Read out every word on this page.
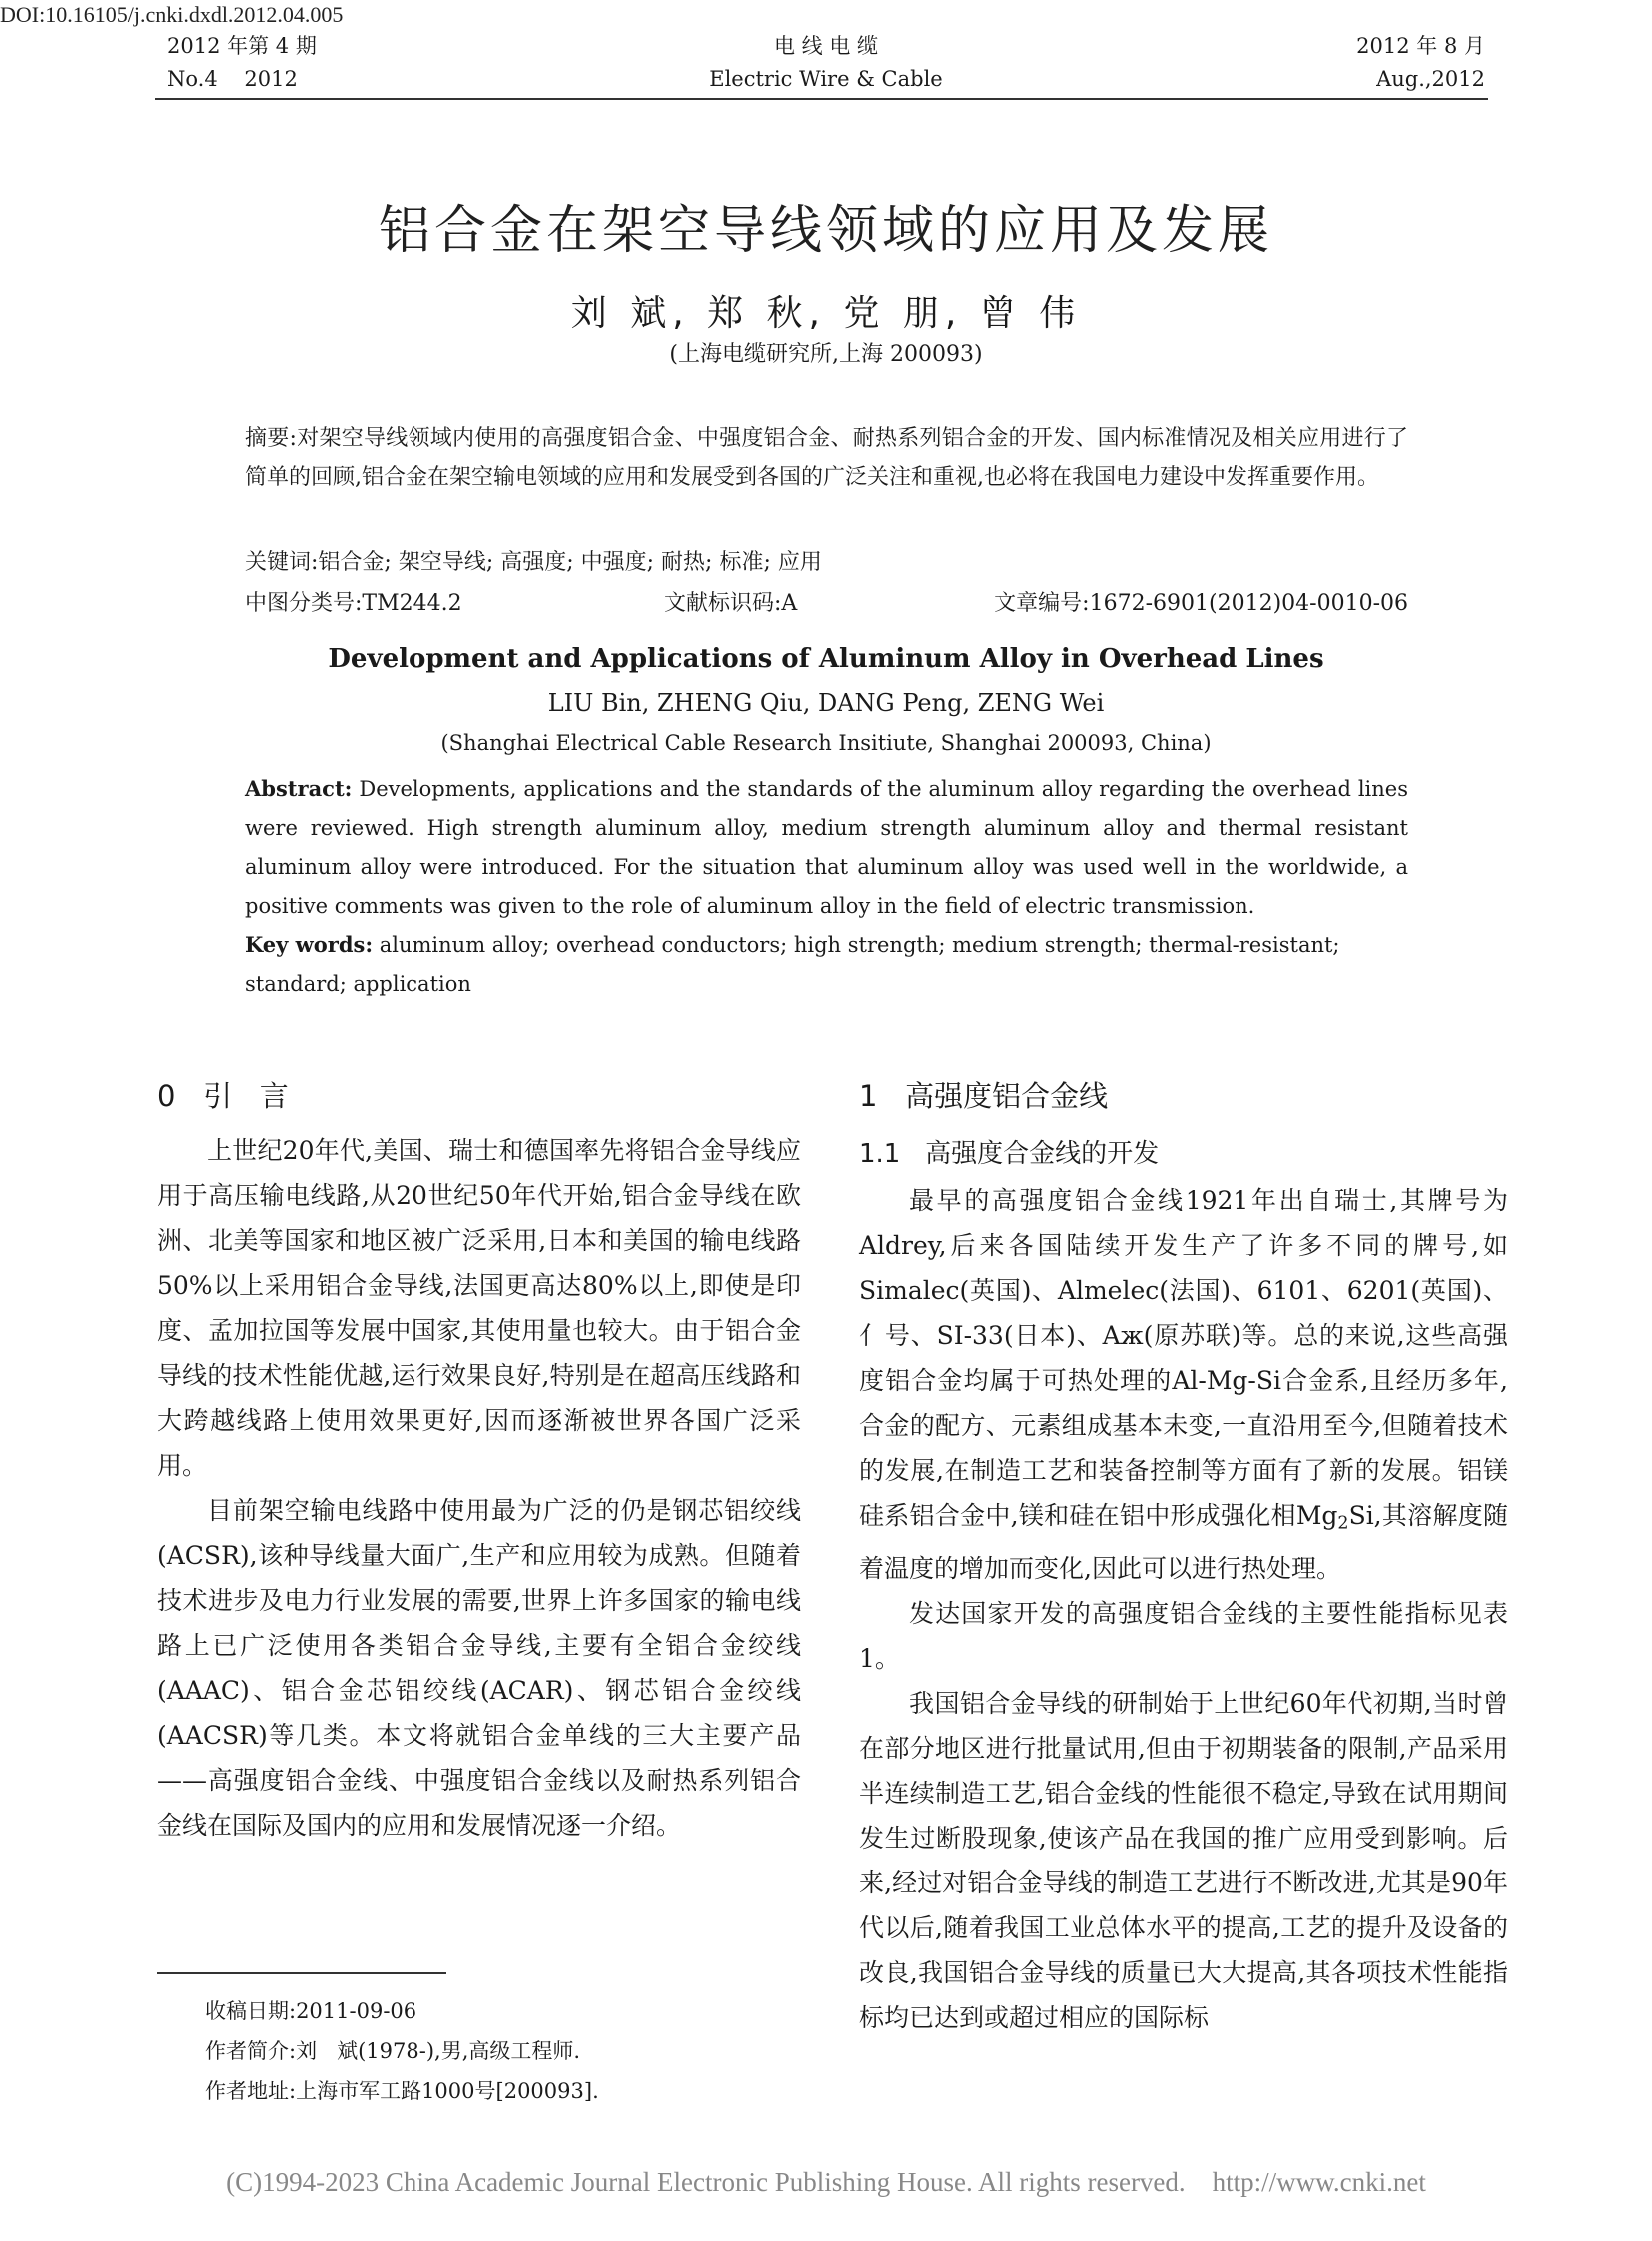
DOI:10.16105/j.cnki.dxdl.2012.04.005
2012 年第 4 期
No.4    2012
电 线 电 缆
Electric Wire & Cable
2012 年 8 月
Aug.,2012
铝合金在架空导线领域的应用及发展
刘 斌, 郑 秋, 党 朋, 曾 伟
(上海电缆研究所,上海 200093)
摘要:对架空导线领域内使用的高强度铝合金、中强度铝合金、耐热系列铝合金的开发、国内标准情况及相关应用进行了简单的回顾,铝合金在架空输电领域的应用和发展受到各国的广泛关注和重视,也必将在我国电力建设中发挥重要作用。
关键词:铝合金; 架空导线; 高强度; 中强度; 耐热; 标准; 应用
中图分类号:TM244.2	文献标识码:A	文章编号:1672-6901(2012)04-0010-06
Development and Applications of Aluminum Alloy in Overhead Lines
LIU Bin, ZHENG Qiu, DANG Peng, ZENG Wei
(Shanghai Electrical Cable Research Insitiute, Shanghai 200093, China)
Abstract: Developments, applications and the standards of the aluminum alloy regarding the overhead lines were reviewed. High strength aluminum alloy, medium strength aluminum alloy and thermal resistant aluminum alloy were introduced. For the situation that aluminum alloy was used well in the worldwide, a positive comments was given to the role of aluminum alloy in the field of electric transmission.
Key words: aluminum alloy; overhead conductors; high strength; medium strength; thermal-resistant; standard; application
0   引   言

上世纪20年代,美国、瑞士和德国率先将铝合金导线应用于高压输电线路,从20世纪50年代开始,铝合金导线在欧洲、北美等国家和地区被广泛采用,日本和美国的输电线路50%以上采用铝合金导线,法国更高达80%以上,即使是印度、孟加拉国等发展中国家,其使用量也较大。由于铝合金导线的技术性能优越,运行效果良好,特别是在超高压线路和大跨越线路上使用效果更好,因而逐渐被世界各国广泛采用。

目前架空输电线路中使用最为广泛的仍是钢芯铝绞线(ACSR),该种导线量大面广,生产和应用较为成熟。但随着技术进步及电力行业发展的需要,世界上许多国家的输电线路上已广泛使用各类铝合金导线,主要有全铝合金绞线(AAAC)、铝合金芯铝绞线(ACAR)、钢芯铝合金绞线(AACSR)等几类。本文将就铝合金单线的三大主要产品——高强度铝合金线、中强度铝合金线以及耐热系列铝合金线在国际及国内的应用和发展情况逐一介绍。

收稿日期:2011-09-06
作者简介:刘   斌(1978-),男,高级工程师.
作者地址:上海市军工路1000号[200093].
1   高强度铝合金线
1.1   高强度合金线的开发

最早的高强度铝合金线1921年出自瑞士,其牌号为Aldrey,后来各国陆续开发生产了许多不同的牌号,如Simalec(英国)、Almelec(法国)、6101、6201(英国)、亻号、SI-33(日本)、Aж(原苏联)等。总的来说,这些高强度铝合金均属于可热处理的Al-Mg-Si合金系,且经历多年,合金的配方、元素组成基本未变,一直沿用至今,但随着技术的发展,在制造工艺和装备控制等方面有了新的发展。铝镁硅系铝合金中,镁和硅在铝中形成强化相$Mg_2Si$,其溶解度随着温度的增加而变化,因此可以进行热处理。

发达国家开发的高强度铝合金线的主要性能指标见表1。

我国铝合金导线的研制始于上世纪60年代初期,当时曾在部分地区进行批量试用,但由于初期装备的限制,产品采用半连续制造工艺,铝合金线的性能很不稳定,导致在试用期间发生过断股现象,使该产品在我国的推广应用受到影响。后来,经过对铝合金导线的制造工艺进行不断改进,尤其是90年代以后,随着我国工业总体水平的提高,工艺的提升及设备的改良,我国铝合金导线的质量已大大提高,其各项技术性能指标均已达到或超过相应的国际标

(C)1994-2023 China Academic Journal Electronic Publishing House. All rights reserved.    http://www.cnki.net
